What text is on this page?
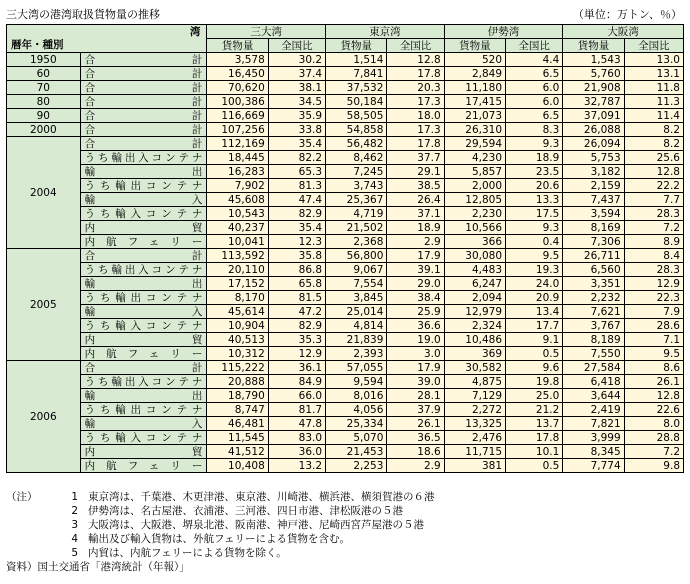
三大湾の港湾取扱貨物量の推移	（単位：万トン、％）
湾
暦年・種別		三大湾		東京湾		伊勢湾		大阪湾	
		貨物量	全国比	貨物量	全国比	貨物量	全国比	貨物量	全国比
1950	合　　計	3,578	30.2	1,514	12.8	520	4.4	1,543	13.0
60	合　　計	16,450	37.4	7,841	17.8	2,849	6.5	5,760	13.1
70	合　　計	70,620	38.1	37,532	20.3	11,180	6.0	21,908	11.8
80	合　　計	100,386	34.5	50,184	17.3	17,415	6.0	32,787	11.3
90	合　　計	116,669	35.9	58,505	18.0	21,073	6.5	37,091	11.4
2000	合　　計	107,256	33.8	54,858	17.3	26,310	8.3	26,088	8.2
2004	合　　計	112,169	35.4	56,482	17.8	29,594	9.3	26,094	8.2
	うち輸出入コンテナ	18,445	82.2	8,462	37.7	4,230	18.9	5,753	25.6
	輸　　出	16,283	65.3	7,245	29.1	5,857	23.5	3,182	12.8
	うち輸出コンテナ	7,902	81.3	3,743	38.5	2,000	20.6	2,159	22.2
	輸　　入	45,608	47.4	25,367	26.4	12,805	13.3	7,437	7.7
	うち輸入コンテナ	10,543	82.9	4,719	37.1	2,230	17.5	3,594	28.3
	内　　貿	40,237	35.4	21,502	18.9	10,566	9.3	8,169	7.2
	内航フェリー	10,041	12.3	2,368	2.9	366	0.4	7,306	8.9
2005	合　　計	113,592	35.8	56,800	17.9	30,080	9.5	26,711	8.4
	うち輸出入コンテナ	20,110	86.8	9,067	39.1	4,483	19.3	6,560	28.3
	輸　　出	17,152	65.8	7,554	29.0	6,247	24.0	3,351	12.9
	うち輸出コンテナ	8,170	81.5	3,845	38.4	2,094	20.9	2,232	22.3
	輸　　入	45,614	47.2	25,014	25.9	12,979	13.4	7,621	7.9
	うち輸入コンテナ	10,904	82.9	4,814	36.6	2,324	17.7	3,767	28.6
	内　　貿	40,513	35.3	21,839	19.0	10,486	9.1	8,189	7.1
	内航フェリー	10,312	12.9	2,393	3.0	369	0.5	7,550	9.5
2006	合　　計	115,222	36.1	57,055	17.9	30,582	9.6	27,584	8.6
	うち輸出入コンテナ	20,888	84.9	9,594	39.0	4,875	19.8	6,418	26.1
	輸　　出	18,790	66.0	8,016	28.1	7,129	25.0	3,644	12.8
	うち輸出コンテナ	8,747	81.7	4,056	37.9	2,272	21.2	2,419	22.6
	輸　　入	46,481	47.8	25,334	26.1	13,325	13.7	7,821	8.0
	うち輸入コンテナ	11,545	83.0	5,070	36.5	2,476	17.8	3,999	28.8
	内　　貿	41,512	36.0	21,453	18.6	11,715	10.1	8,345	7.2
	内航フェリー	10,408	13.2	2,253	2.9	381	0.5	7,774	9.8
（注）	1 東京湾は、千葉港、木更津港、東京港、川崎港、横浜港、横須賀港の６港
2 伊勢湾は、名古屋港、衣浦港、三河港、四日市港、津松阪港の５港
3 大阪湾は、大阪港、堺泉北港、阪南港、神戸港、尼崎西宮芦屋港の５港
4 輸出及び輸入貨物は、外航フェリーによる貨物を含む。
5 内貿は、内航フェリーによる貨物を除く。
資料）国土交通省「港湾統計（年報）」
